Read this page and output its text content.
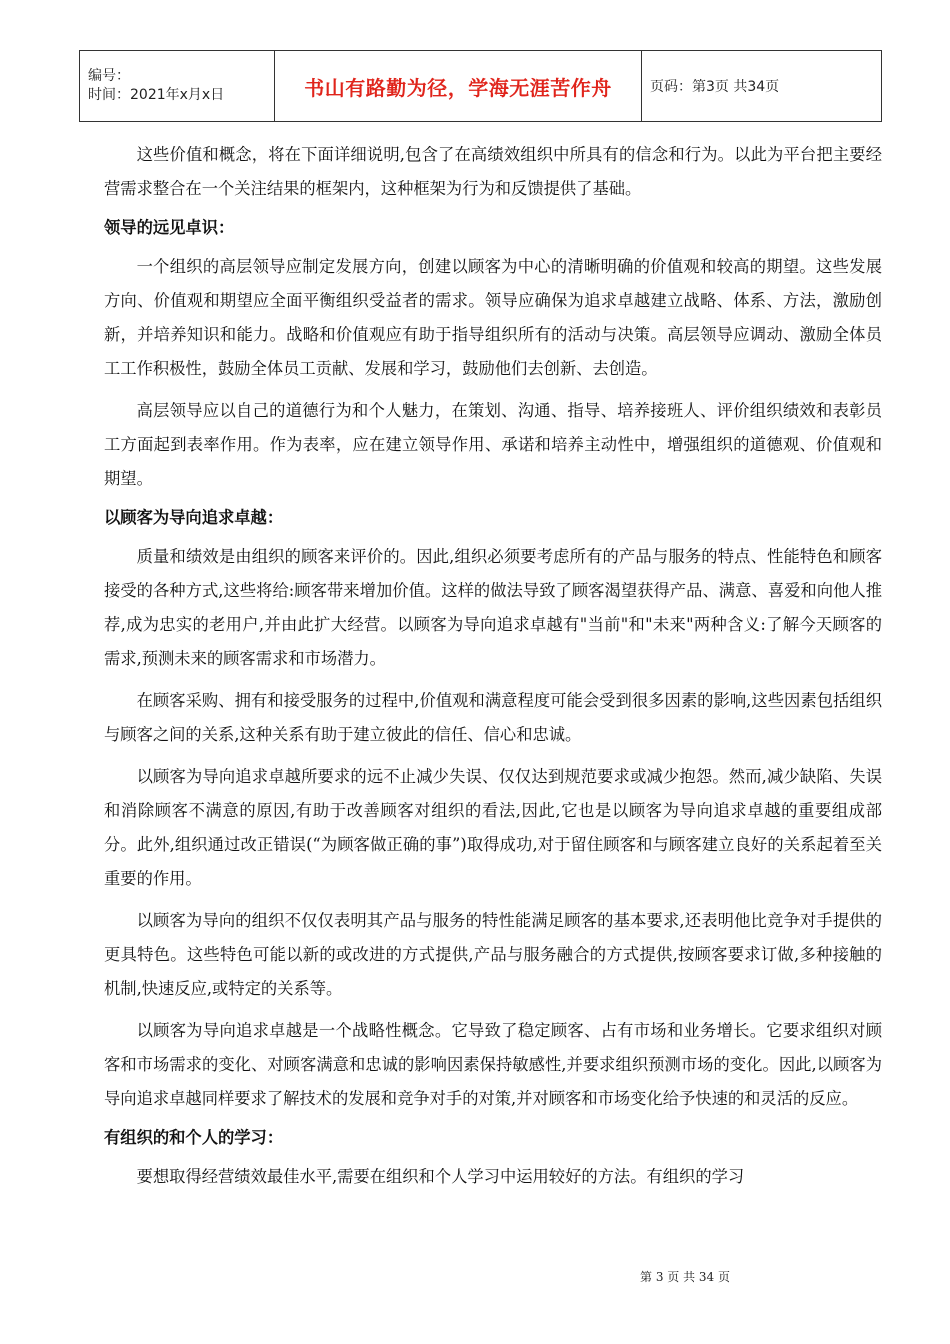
编号：
时间：2021年x月x日	书山有路勤为径，学海无涯苦作舟	页码：第3页 共34页

这些价值和概念，将在下面详细说明,包含了在高绩效组织中所具有的信念和行为。以此为平台把主要经营需求整合在一个关注结果的框架内，这种框架为行为和反馈提供了基础。

领导的远见卓识：

一个组织的高层领导应制定发展方向，创建以顾客为中心的清晰明确的价值观和较高的期望。这些发展方向、价值观和期望应全面平衡组织受益者的需求。领导应确保为追求卓越建立战略、体系、方法，激励创新，并培养知识和能力。战略和价值观应有助于指导组织所有的活动与决策。高层领导应调动、激励全体员工工作积极性，鼓励全体员工贡献、发展和学习，鼓励他们去创新、去创造。

高层领导应以自己的道德行为和个人魅力，在策划、沟通、指导、培养接班人、评价组织绩效和表彰员工方面起到表率作用。作为表率，应在建立领导作用、承诺和培养主动性中，增强组织的道德观、价值观和期望。

以顾客为导向追求卓越：

质量和绩效是由组织的顾客来评价的。因此,组织必须要考虑所有的产品与服务的特点、性能特色和顾客接受的各种方式,这些将给:顾客带来增加价值。这样的做法导致了顾客渴望获得产品、满意、喜爱和向他人推荐,成为忠实的老用户,并由此扩大经营。以顾客为导向追求卓越有"当前"和"未来"两种含义:了解今天顾客的需求,预测未来的顾客需求和市场潜力。

在顾客采购、拥有和接受服务的过程中,价值观和满意程度可能会受到很多因素的影响,这些因素包括组织与顾客之间的关系,这种关系有助于建立彼此的信任、信心和忠诚。

以顾客为导向追求卓越所要求的远不止减少失误、仅仅达到规范要求或减少抱怨。然而,减少缺陷、失误和消除顾客不满意的原因,有助于改善顾客对组织的看法,因此,它也是以顾客为导向追求卓越的重要组成部分。此外,组织通过改正错误(“为顾客做正确的事”)取得成功,对于留住顾客和与顾客建立良好的关系起着至关重要的作用。

以顾客为导向的组织不仅仅表明其产品与服务的特性能满足顾客的基本要求,还表明他比竞争对手提供的更具特色。这些特色可能以新的或改进的方式提供,产品与服务融合的方式提供,按顾客要求订做,多种接触的机制,快速反应,或特定的关系等。

以顾客为导向追求卓越是一个战略性概念。它导致了稳定顾客、占有市场和业务增长。它要求组织对顾客和市场需求的变化、对顾客满意和忠诚的影响因素保持敏感性,并要求组织预测市场的变化。因此,以顾客为导向追求卓越同样要求了解技术的发展和竞争对手的对策,并对顾客和市场变化给予快速的和灵活的反应。

有组织的和个人的学习：

要想取得经营绩效最佳水平,需要在组织和个人学习中运用较好的方法。有组织的学习

第 3 页 共 34 页
